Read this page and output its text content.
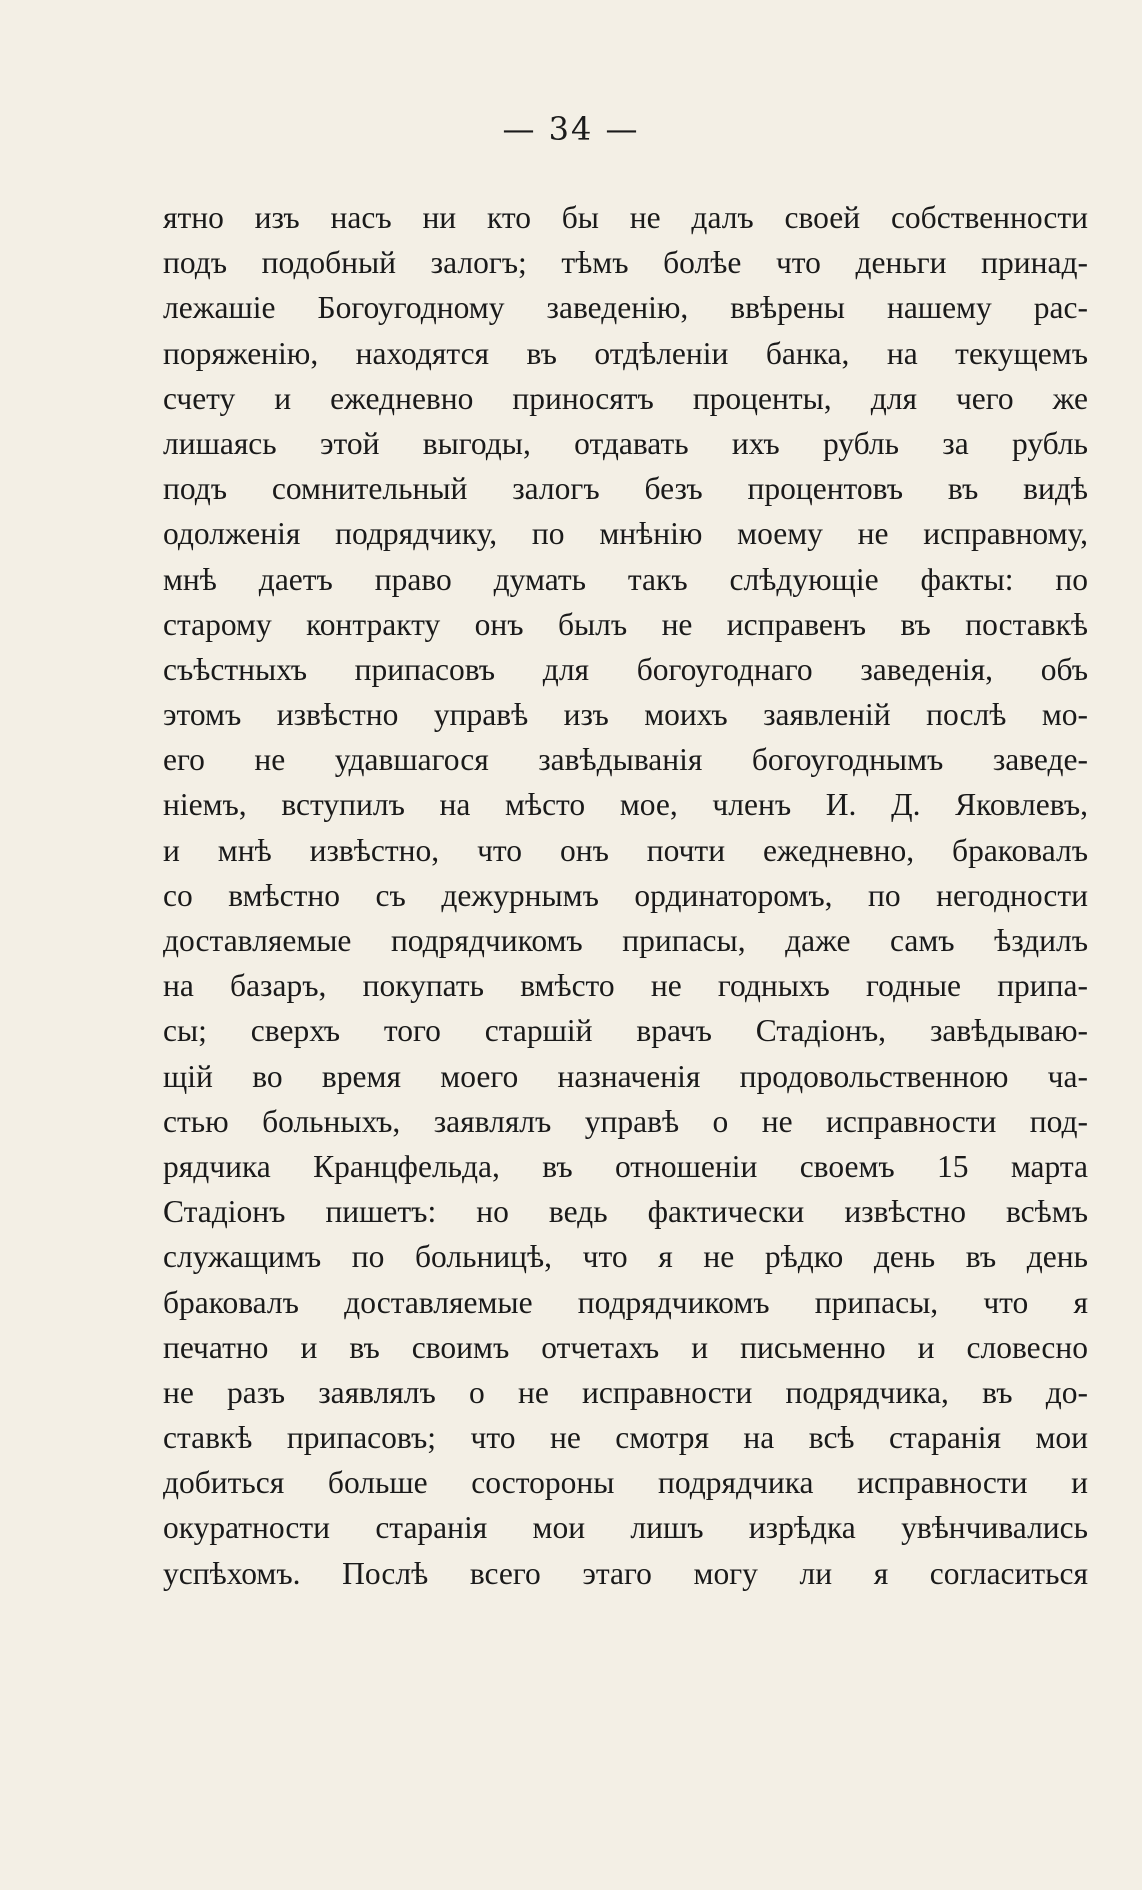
— 34 —
ятно изъ насъ ни кто бы не далъ своей собственности
подъ подобный залогъ; тѣмъ болѣе что деньги принад-
лежашіе Богоугодному заведенію, ввѣрены нашему рас-
поряженію, находятся въ отдѣленіи банка, на текущемъ
счету и ежедневно приносятъ проценты, для чего же
лишаясь этой выгоды, отдавать ихъ рубль за рубль
подъ сомнительный залогъ безъ процентовъ въ видѣ
одолженія подрядчику, по мнѣнію моему не исправному,
мнѣ даетъ право думать такъ слѣдующіе факты: по
старому контракту онъ былъ не исправенъ въ поставкѣ
съѣстныхъ припасовъ для богоугоднаго заведенія, объ
этомъ извѣстно управѣ изъ моихъ заявленій послѣ мо-
его не удавшагося завѣдыванія богоугоднымъ заведе-
ніемъ, вступилъ на мѣсто мое, членъ И. Д. Яковлевъ,
и мнѣ извѣстно, что онъ почти ежедневно, браковалъ
со вмѣстно съ дежурнымъ ординаторомъ, по негодности
доставляемые подрядчикомъ припасы, даже самъ ѣздилъ
на базаръ, покупать вмѣсто не годныхъ годные припа-
сы; сверхъ того старшій врачъ Стадіонъ, завѣдываю-
щій во время моего назначенія продовольственною ча-
стью больныхъ, заявлялъ управѣ о не исправности под-
рядчика Кранцфельда, въ отношеніи своемъ 15 марта
Стадіонъ пишетъ: но ведь фактически извѣстно всѣмъ
служащимъ по больницѣ, что я не рѣдко день въ день
браковалъ доставляемые подрядчикомъ припасы, что я
печатно и въ своимъ отчетахъ и письменно и словесно
не разъ заявлялъ о не исправности подрядчика, въ до-
ставкѣ припасовъ; что не смотря на всѣ старанія мои
добиться больше состороны подрядчика исправности и
окуратности старанія мои лишъ изрѣдка увѣнчивались
успѣхомъ. Послѣ всего этаго могу ли я согласиться
